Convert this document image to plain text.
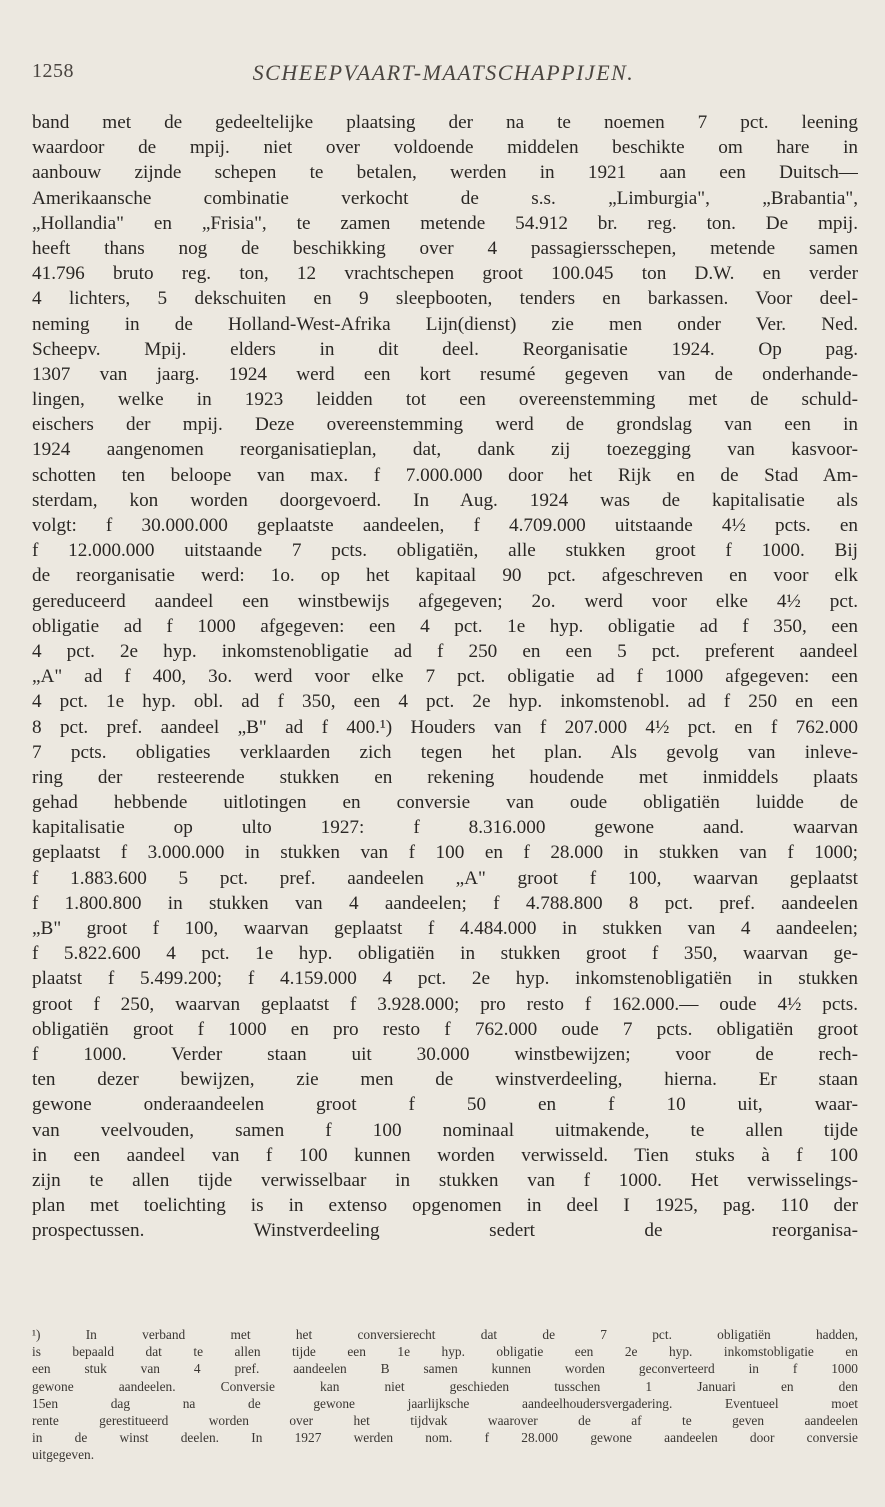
1258	SCHEEPVAART-MAATSCHAPPIJEN.
band met de gedeeltelijke plaatsing der na te noemen 7 pct. leening
waardoor de mpij. niet over voldoende middelen beschikte om hare in
aanbouw zijnde schepen te betalen, werden in 1921 aan een Duitsch—
Amerikaansche combinatie verkocht de s.s. „Limburgia", „Brabantia",
„Hollandia" en „Frisia", te zamen metende 54.912 br. reg. ton. De mpij.
heeft thans nog de beschikking over 4 passagiersschepen, metende samen
41.796 bruto reg. ton, 12 vrachtschepen groot 100.045 ton D.W. en verder
4 lichters, 5 dekschuiten en 9 sleepbooten, tenders en barkassen. Voor deel-
neming in de Holland-West-Afrika Lijn(dienst) zie men onder Ver. Ned.
Scheepv. Mpij. elders in dit deel. Reorganisatie 1924. Op pag.
1307 van jaarg. 1924 werd een kort resumé gegeven van de onderhande-
lingen, welke in 1923 leidden tot een overeenstemming met de schuld-
eischers der mpij. Deze overeenstemming werd de grondslag van een in
1924 aangenomen reorganisatieplan, dat, dank zij toezegging van kasvoor-
schotten ten beloope van max. f 7.000.000 door het Rijk en de Stad Am-
sterdam, kon worden doorgevoerd. In Aug. 1924 was de kapitalisatie als
volgt: f 30.000.000 geplaatste aandeelen, f 4.709.000 uitstaande 4½ pcts. en
f 12.000.000 uitstaande 7 pcts. obligatiën, alle stukken groot f 1000. Bij
de reorganisatie werd: 1o. op het kapitaal 90 pct. afgeschreven en voor elk
gereduceerd aandeel een winstbewijs afgegeven; 2o. werd voor elke 4½ pct.
obligatie ad f 1000 afgegeven: een 4 pct. 1e hyp. obligatie ad f 350, een
4 pct. 2e hyp. inkomstenobligatie ad f 250 en een 5 pct. preferent aandeel
„A" ad f 400, 3o. werd voor elke 7 pct. obligatie ad f 1000 afgegeven: een
4 pct. 1e hyp. obl. ad f 350, een 4 pct. 2e hyp. inkomstenobl. ad f 250 en een
8 pct. pref. aandeel „B" ad f 400.¹) Houders van f 207.000 4½ pct. en f 762.000
7 pcts. obligaties verklaarden zich tegen het plan. Als gevolg van inleve-
ring der resteerende stukken en rekening houdende met inmiddels plaats
gehad hebbende uitlotingen en conversie van oude obligatiën luidde de
kapitalisatie op ulto 1927: f 8.316.000 gewone aand. waarvan
geplaatst f 3.000.000 in stukken van f 100 en f 28.000 in stukken van f 1000;
f 1.883.600 5 pct. pref. aandeelen „A" groot f 100, waarvan geplaatst
f 1.800.800 in stukken van 4 aandeelen; f 4.788.800 8 pct. pref. aandeelen
„B" groot f 100, waarvan geplaatst f 4.484.000 in stukken van 4 aandeelen;
f 5.822.600 4 pct. 1e hyp. obligatiën in stukken groot f 350, waarvan ge-
plaatst f 5.499.200; f 4.159.000 4 pct. 2e hyp. inkomstenobligatiën in stukken
groot f 250, waarvan geplaatst f 3.928.000; pro resto f 162.000.— oude 4½ pcts.
obligatiën groot f 1000 en pro resto f 762.000 oude 7 pcts. obligatiën groot
f 1000. Verder staan uit 30.000 winstbewijzen; voor de rech-
ten dezer bewijzen, zie men de winstverdeeling, hierna. Er staan
gewone onderaandeelen groot f 50 en f 10 uit, waar-
van veelvouden, samen f 100 nominaal uitmakende, te allen tijde
in een aandeel van f 100 kunnen worden verwisseld. Tien stuks à f 100
zijn te allen tijde verwisselbaar in stukken van f 1000. Het verwisselings-
plan met toelichting is in extenso opgenomen in deel I 1925, pag. 110 der
prospectussen. Winstverdeeling sedert de reorganisa-
¹) In verband met het conversierecht dat de 7 pct. obligatiën hadden,
is bepaald dat te allen tijde een 1e hyp. obligatie een 2e hyp. inkomstobligatie en
een stuk van 4 pref. aandeelen B samen kunnen worden geconverteerd in f 1000
gewone aandeelen. Conversie kan niet geschieden tusschen 1 Januari en den
15en dag na de gewone jaarlijksche aandeelhoudersvergadering. Eventueel moet
rente gerestitueerd worden over het tijdvak waarover de af te geven aandeelen
in de winst deelen. In 1927 werden nom. f 28.000 gewone aandeelen door conversie
uitgegeven.
